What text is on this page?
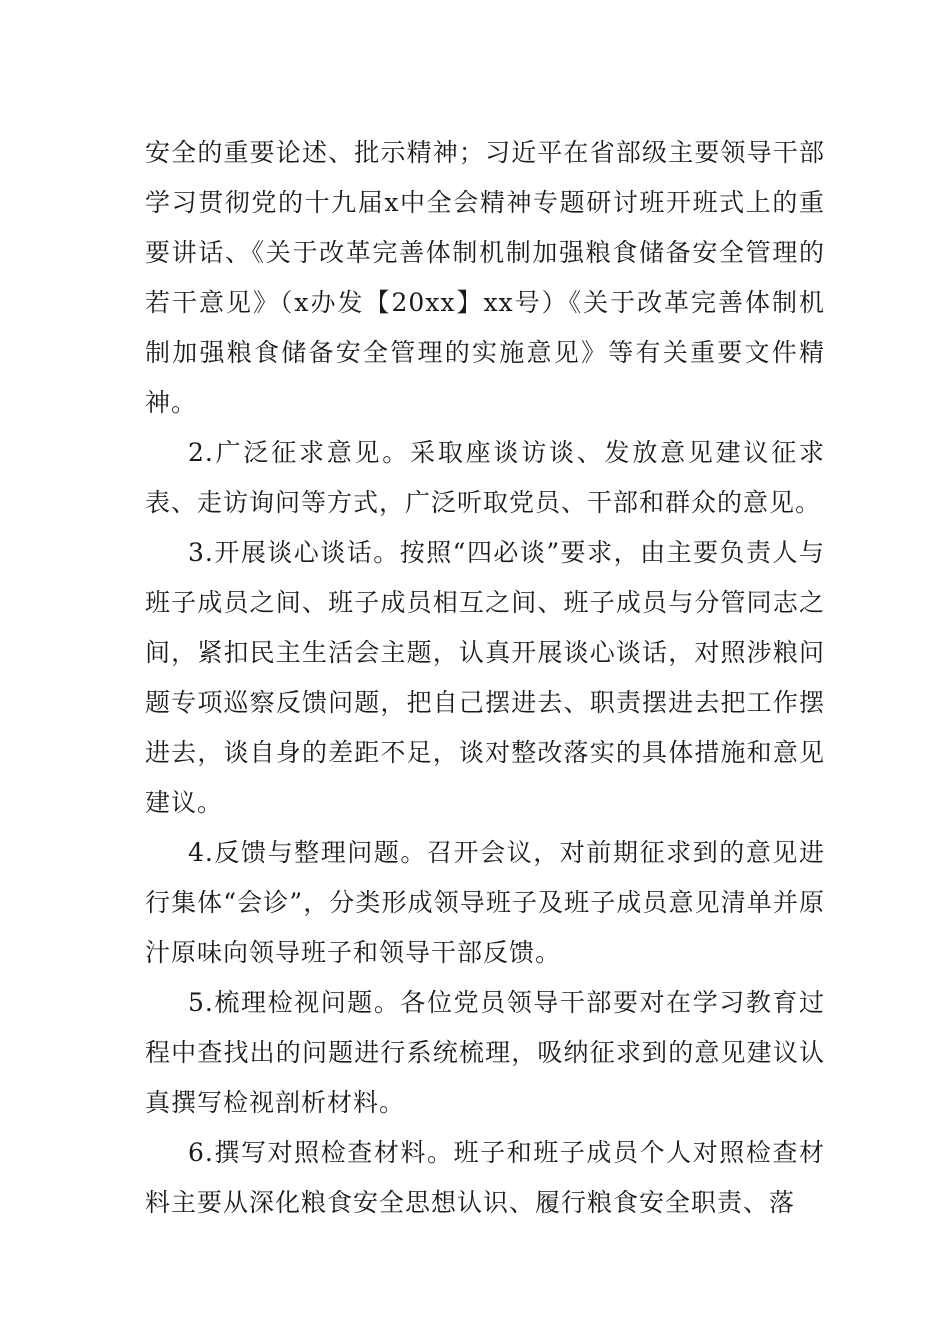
安全的重要论述、批示精神；习近平在省部级主要领导干部学习贯彻党的十九届x中全会精神专题研讨班开班式上的重要讲话、《关于改革完善体制机制加强粮食储备安全管理的若干意见》（x办发【20xx】xx号）《关于改革完善体制机制加强粮食储备安全管理的实施意见》等有关重要文件精神。

2.广泛征求意见。采取座谈访谈、发放意见建议征求表、走访询问等方式，广泛听取党员、干部和群众的意见。

3.开展谈心谈话。按照“四必谈”要求，由主要负责人与班子成员之间、班子成员相互之间、班子成员与分管同志之间，紧扣民主生活会主题，认真开展谈心谈话，对照涉粮问题专项巡察反馈问题，把自己摆进去、职责摆进去把工作摆进去，谈自身的差距不足，谈对整改落实的具体措施和意见建议。

4.反馈与整理问题。召开会议，对前期征求到的意见进行集体“会诊”，分类形成领导班子及班子成员意见清单并原汁原味向领导班子和领导干部反馈。

5.梳理检视问题。各位党员领导干部要对在学习教育过程中查找出的问题进行系统梳理，吸纳征求到的意见建议认真撰写检视剖析材料。

6.撰写对照检查材料。班子和班子成员个人对照检查材料主要从深化粮食安全思想认识、履行粮食安全职责、落
